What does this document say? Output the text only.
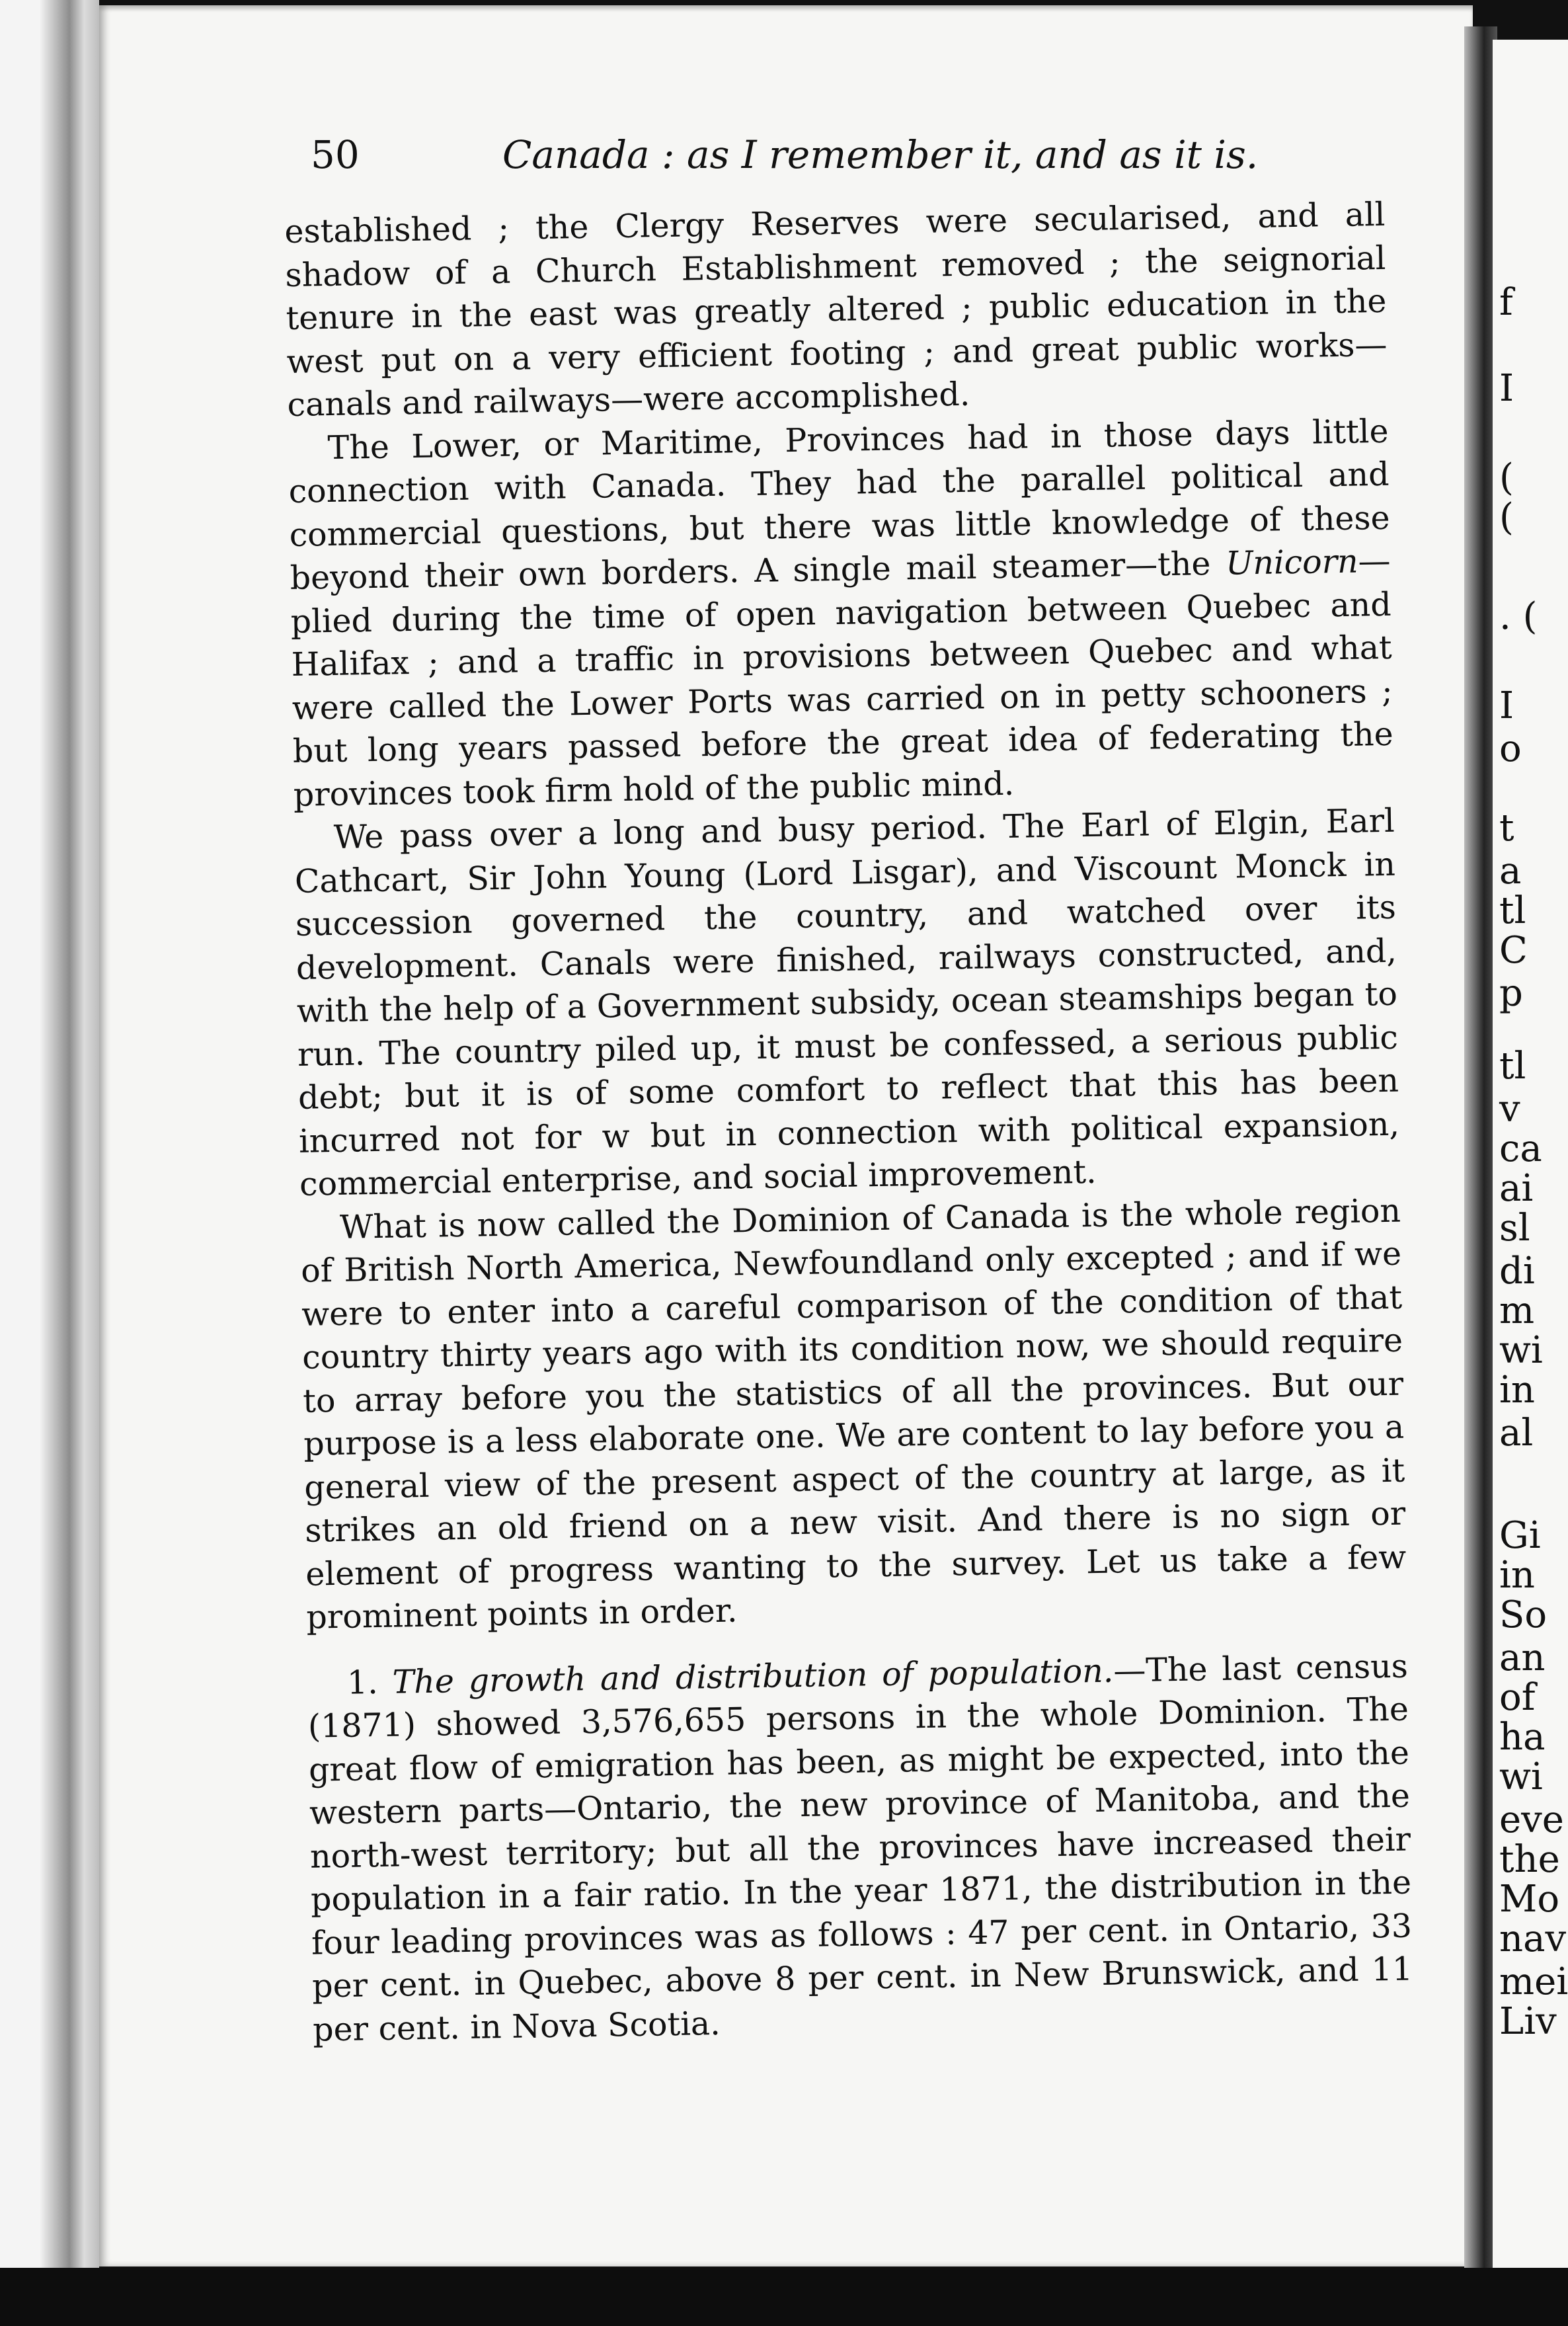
f
I
(
(
. (
I
o
t
a
tl
C
p
tl
v
ca
ai
sl
di
m
wi
in
al
Gi
in
So
an
of
ha
wi
eve
the
Mo
nav
mei
Liv
50	Canada : as I remember it, and as it is.

established ; the Clergy Reserves were secularised, and all shadow of a Church Establishment removed ; the seignorial tenure in the east was greatly altered ; public education in the west put on a very efficient footing ; and great public works—canals and railways—were accomplished.

The Lower, or Maritime, Provinces had in those days little connection with Canada. They had the parallel political and commercial questions, but there was little knowledge of these beyond their own borders. A single mail steamer—the Unicorn—plied during the time of open navigation between Quebec and Halifax ; and a traffic in provisions between Quebec and what were called the Lower Ports was carried on in petty schooners ; but long years passed before the great idea of federating the provinces took firm hold of the public mind.

We pass over a long and busy period. The Earl of Elgin, Earl Cathcart, Sir John Young (Lord Lisgar), and Viscount Monck in succession governed the country, and watched over its development. Canals were finished, railways constructed, and, with the help of a Government subsidy, ocean steamships began to run. The country piled up, it must be confessed, a serious public debt; but it is of some comfort to reflect that this has been incurred not for w but in connection with political expansion, commercial enterprise, and social improvement.

What is now called the Dominion of Canada is the whole region of British North America, Newfoundland only excepted ; and if we were to enter into a careful comparison of the condition of that country thirty years ago with its condition now, we should require to array before you the statistics of all the provinces. But our purpose is a less elaborate one. We are content to lay before you a general view of the present aspect of the country at large, as it strikes an old friend on a new visit. And there is no sign or element of progress wanting to the survey. Let us take a few prominent points in order.

1. The growth and distribution of population.—The last census (1871) showed 3,576,655 persons in the whole Dominion. The great flow of emigration has been, as might be expected, into the western parts—Ontario, the new province of Manitoba, and the north-west territory; but all the provinces have increased their population in a fair ratio. In the year 1871, the distribution in the four leading provinces was as follows : 47 per cent. in Ontario, 33 per cent. in Quebec, above 8 per cent. in New Brunswick, and 11 per cent. in Nova Scotia.
